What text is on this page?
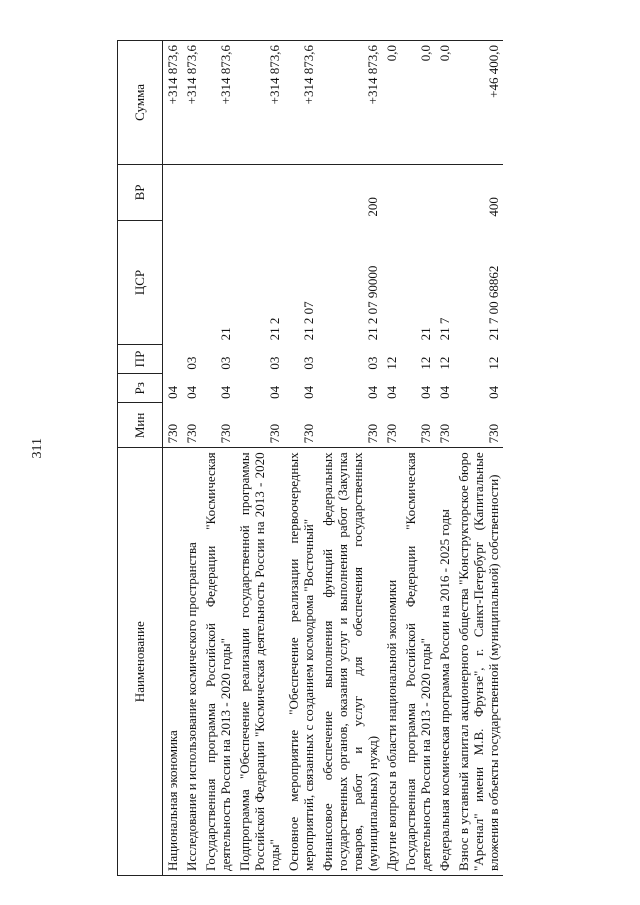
311
Наименование	Мин	Рз	ПР	ЦСР	ВР	Сумма
Национальная экономика	730	04				+314 873,6
Исследование и использование космического пространства	730	04	03			+314 873,6
Государственная программа Российской Федерации "Космическая деятельность России на 2013 - 2020 годы"	730	04	03	21		+314 873,6
Подпрограмма "Обеспечение реализации государственной программы Российской Федерации "Космическая деятельность России на 2013 - 2020 годы"	730	04	03	21 2		+314 873,6
Основное мероприятие "Обеспечение реализации первоочередных мероприятий, связанных с созданием космодрома "Восточный"	730	04	03	21 2 07		+314 873,6
Финансовое обеспечение выполнения функций федеральных государственных органов, оказания услуг и выполнения работ (Закупка товаров, работ и услуг для обеспечения государственных (муниципальных) нужд)	730	04	03	21 2 07 90000	200	+314 873,6
Другие вопросы в области национальной экономики	730	04	12			0,0
Государственная программа Российской Федерации "Космическая деятельность России на 2013 - 2020 годы"	730	04	12	21		0,0
Федеральная космическая программа России на 2016 - 2025 годы	730	04	12	21 7		0,0
Взнос в уставный капитал акционерного общества "Конструкторское бюро "Арсенал" имени М.В. Фрунзе", г. Санкт-Петербург (Капитальные вложения в объекты государственной (муниципальной) собственности)	730	04	12	21 7 00 68862	400	+46 400,0
